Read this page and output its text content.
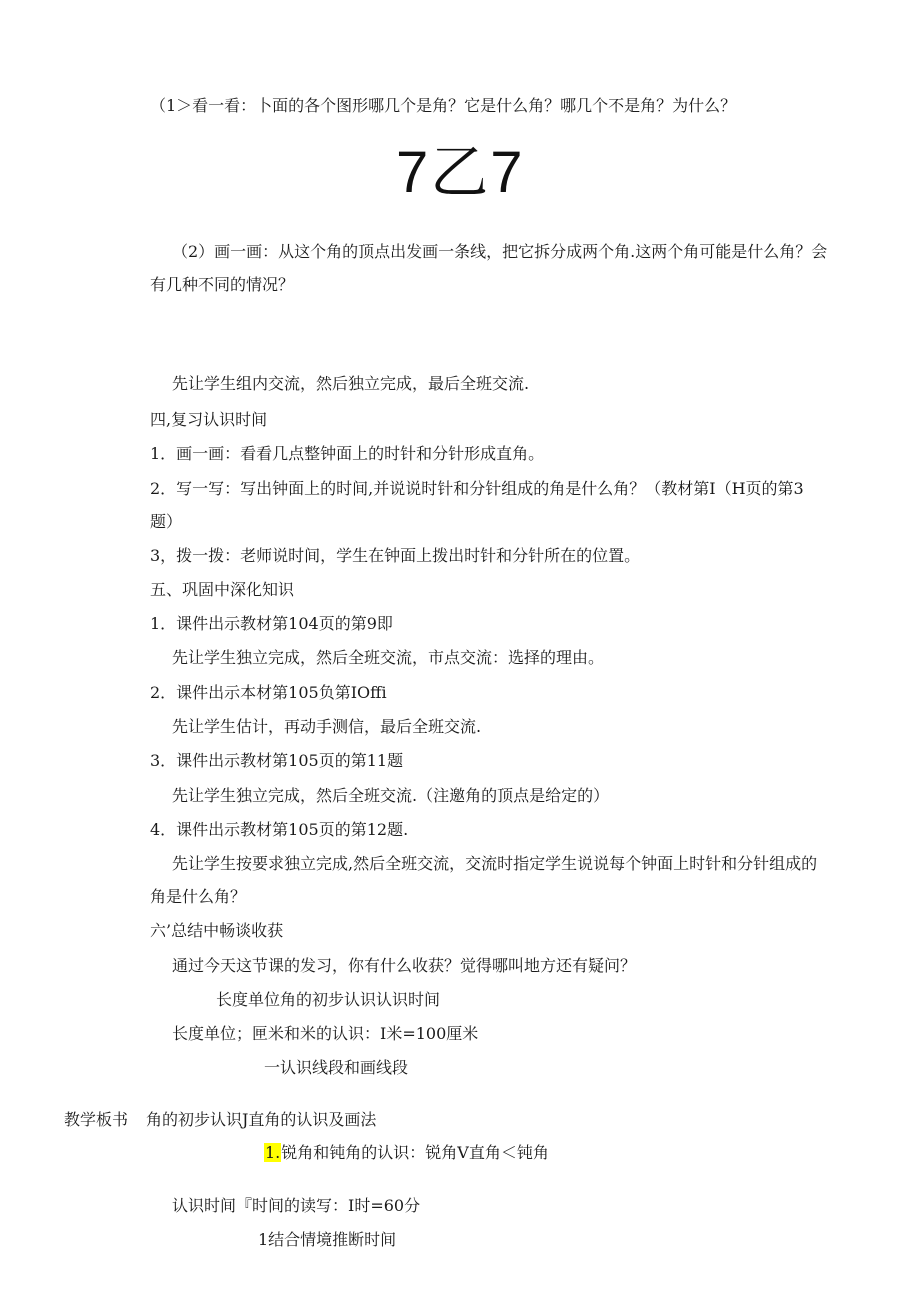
（1＞看一看：卜面的各个图形哪几个是角？它是什么角？哪几个不是角？为什么？
7乙7
（2）画一画：从这个角的顶点出发画一条线，把它拆分成两个角.这两个角可能是什么角？会
有几种不同的情况？
先让学生组内交流，然后独立完成，最后全班交流.
四,复习认识时间
1．画一画：看看几点整钟面上的时针和分针形成直角。
2．写一写：写出钟面上的时间,并说说时针和分针组成的角是什么角？（教材第I（H页的第3
题）
3，拨一拨：老师说时间，学生在钟面上拨出时针和分针所在的位置。
五、巩固中深化知识
1．课件出示教材第104页的第9即
先让学生独立完成，然后全班交流，市点交流：选择的理由。
2．课件出示本材第105负第IOffi
先让学生估计，再动手测信，最后全班交流.
3．课件出示教材第105页的第11题
先让学生独立完成，然后全班交流.（注邀角的顶点是给定的）
4．课件出示教材第105页的第12题.
先让学生按要求独立完成,然后全班交流，交流时指定学生说说每个钟面上时针和分针组成的
角是什么角？
六’总结中畅谈收获
通过今天这节课的发习，你有什么收获？觉得哪叫地方还有疑问？
长度单位角的初步认识认识时间
长度单位；匣米和米的认识：I米=100厘米
一认识线段和画线段
教学板书 角的初步认识J直角的认识及画法
1.锐角和钝角的认识：锐角V直角＜钝角
认识时间『时间的读写：I时=60分
1结合情境推断时间
